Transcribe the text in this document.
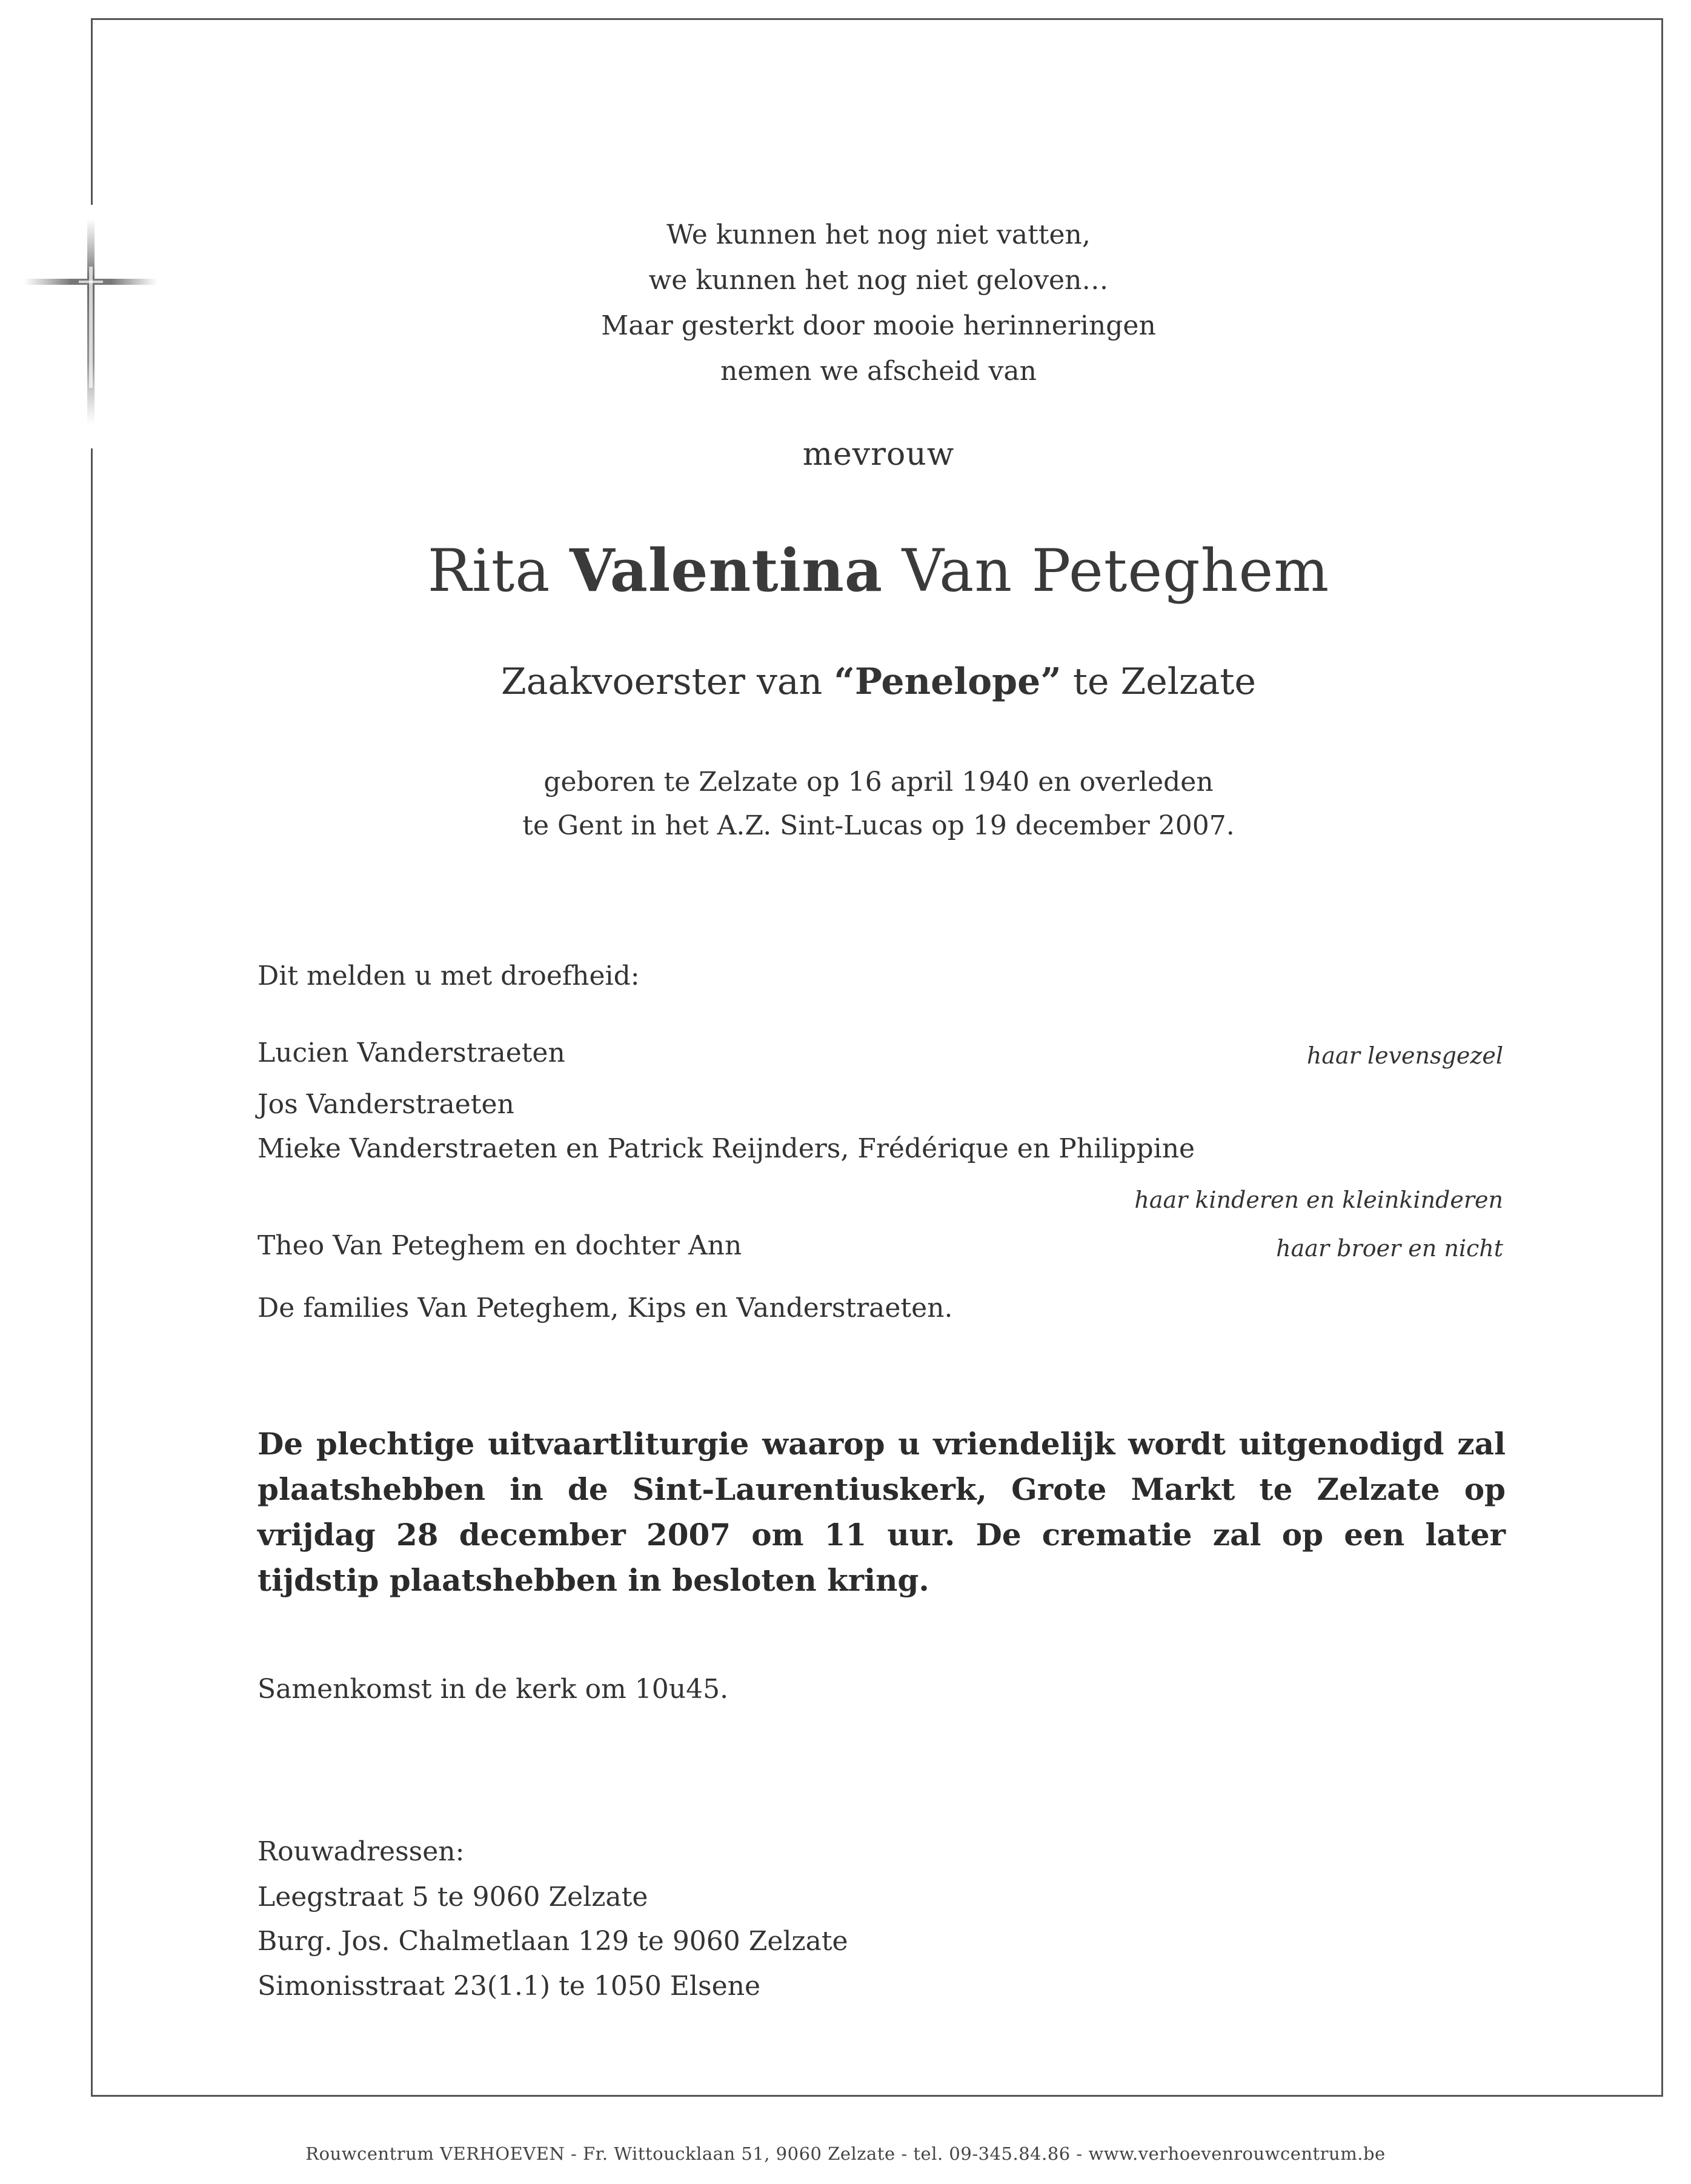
We kunnen het nog niet vatten,
we kunnen het nog niet geloven…
Maar gesterkt door mooie herinneringen
nemen we afscheid van
mevrouw
Rita Valentina Van Peteghem
Zaakvoerster van “Penelope” te Zelzate
geboren te Zelzate op 16 april 1940 en overleden
te Gent in het A.Z. Sint-Lucas op 19 december 2007.
Dit melden u met droefheid:
Lucien Vanderstraeten	haar levensgezel
Jos Vanderstraeten
Mieke Vanderstraeten en Patrick Reijnders, Frédérique en Philippine
haar kinderen en kleinkinderen
Theo Van Peteghem en dochter Ann	haar broer en nicht
De families Van Peteghem, Kips en Vanderstraeten.
De plechtige uitvaartliturgie waarop u vriendelijk wordt uitgenodigd zal plaatshebben in de Sint-Laurentiuskerk, Grote Markt te Zelzate op vrijdag 28 december 2007 om 11 uur. De crematie zal op een later tijdstip plaatshebben in besloten kring.
Samenkomst in de kerk om 10u45.
Rouwadressen:
Leegstraat 5 te 9060 Zelzate
Burg. Jos. Chalmetlaan 129 te 9060 Zelzate
Simonisstraat 23(1.1) te 1050 Elsene
Rouwcentrum VERHOEVEN - Fr. Wittoucklaan 51, 9060 Zelzate - tel. 09-345.84.86 - www.verhoevenrouwcentrum.be
